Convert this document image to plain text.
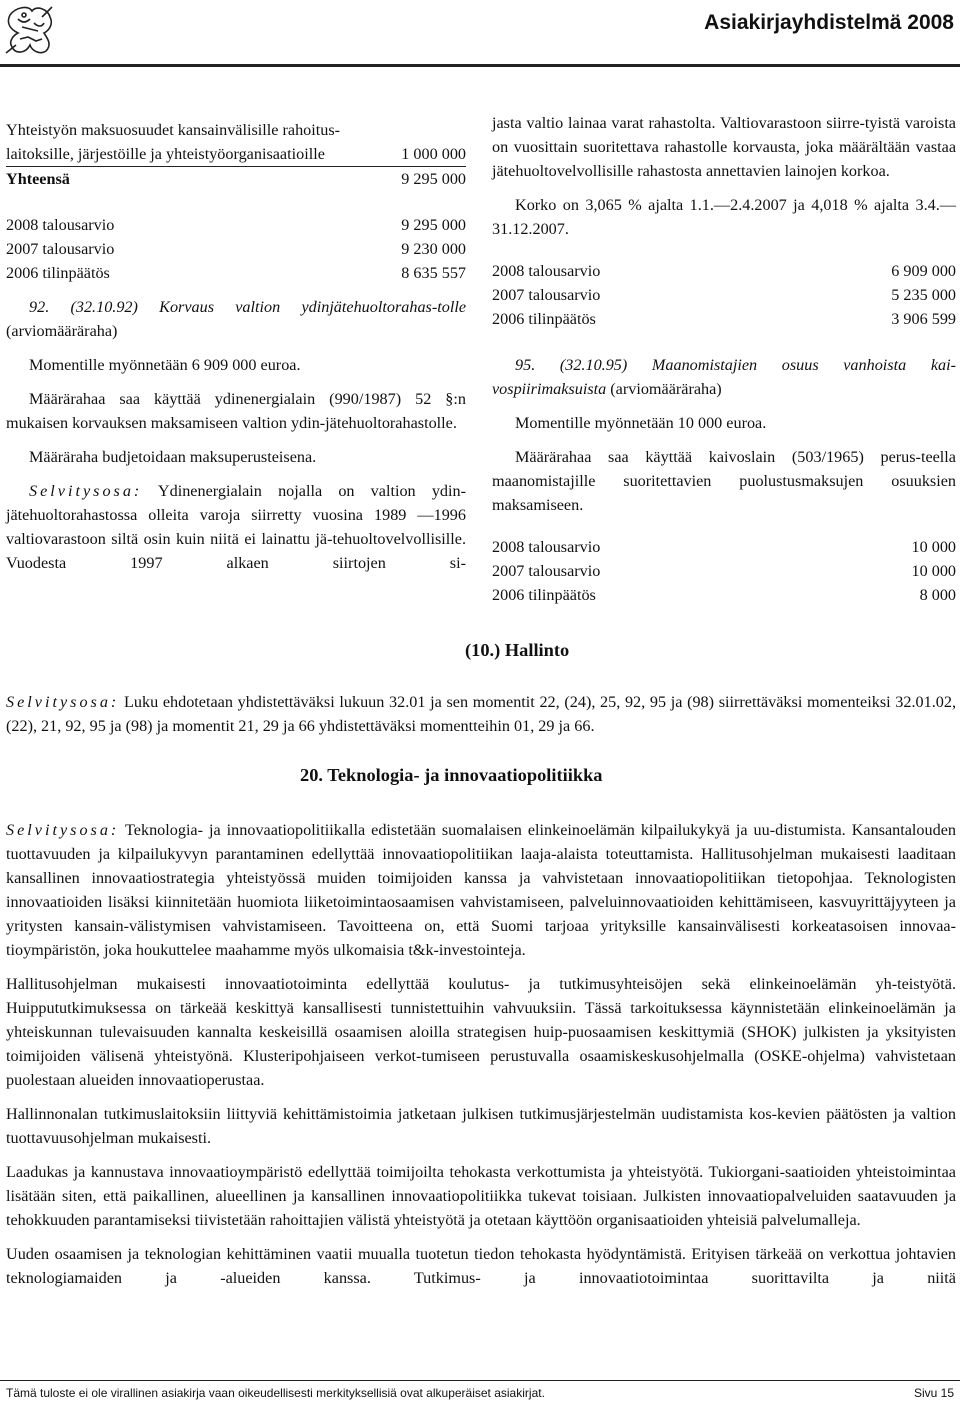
Asiakirjayhdistelmä 2008
Yhteistyön maksuosuudet kansainvälisille rahoitus-
laitoksille, järjestöille ja yhteistyöorganisaatioille	1 000 000
Yhteensä	9 295 000
2008 talousarvio	9 295 000
2007 talousarvio	9 230 000
2006 tilinpäätös	8 635 557
92. (32.10.92) Korvaus valtion ydinjätehuoltorahas-tolle (arviomääräraha)
Momentille myönnetään 6 909 000 euroa.
Määrärahaa saa käyttää ydinenergialain (990/1987) 52 §:n mukaisen korvauksen maksamiseen valtion ydin-jätehuoltorahastolle.
Määräraha budjetoidaan maksuperusteisena.
Selvitysosa: Ydinenergialain nojalla on valtion ydin-jätehuoltorahastossa olleita varoja siirretty vuosina 1989 —1996 valtiovarastoon siltä osin kuin niitä ei lainattu jä-tehuoltovelvollisille. Vuodesta 1997 alkaen siirtojen si-
jasta valtio lainaa varat rahastolta. Valtiovarastoon siirre-tyistä varoista on vuosittain suoritettava rahastolle korvausta, joka määrältään vastaa jätehuoltovelvollisille rahastosta annettavien lainojen korkoa.
Korko on 3,065 % ajalta 1.1.—2.4.2007 ja 4,018 % ajalta 3.4.—31.12.2007.
2008 talousarvio	6 909 000
2007 talousarvio	5 235 000
2006 tilinpäätös	3 906 599
95. (32.10.95) Maanomistajien osuus vanhoista kai-vospiirimaksuista (arviomääräraha)
Momentille myönnetään 10 000 euroa.
Määrärahaa saa käyttää kaivoslain (503/1965) perus-teella maanomistajille suoritettavien puolustusmaksujen osuuksien maksamiseen.
2008 talousarvio	10 000
2007 talousarvio	10 000
2006 tilinpäätös	8 000
(10.) Hallinto
Selvitysosa: Luku ehdotetaan yhdistettäväksi lukuun 32.01 ja sen momentit 22, (24), 25, 92, 95 ja (98) siirrettäväksi momenteiksi 32.01.02, (22), 21, 92, 95 ja (98) ja momentit 21, 29 ja 66 yhdistettäväksi momentteihin 01, 29 ja 66.
20. Teknologia- ja innovaatiopolitiikka
Selvitysosa: Teknologia- ja innovaatiopolitiikalla edistetään suomalaisen elinkeinoelämän kilpailukykyä ja uu-distumista. Kansantalouden tuottavuuden ja kilpailukyvyn parantaminen edellyttää innovaatiopolitiikan laaja-alaista toteuttamista. Hallitusohjelman mukaisesti laaditaan kansallinen innovaatiostrategia yhteistyössä muiden toimijoiden kanssa ja vahvistetaan innovaatiopolitiikan tietopohjaa. Teknologisten innovaatioiden lisäksi kiinnitetään huomiota liiketoimintaosaamisen vahvistamiseen, palveluinnovaatioiden kehittämiseen, kasvuyrittäjyyteen ja yritysten kansain-välistymisen vahvistamiseen. Tavoitteena on, että Suomi tarjoaa yrityksille kansainvälisesti korkeatasoisen innovaa-tioympäristön, joka houkuttelee maahamme myös ulkomaisia t&k-investointeja.
Hallitusohjelman mukaisesti innovaatiotoiminta edellyttää koulutus- ja tutkimusyhteisöjen sekä elinkeinoelämän yh-teistyötä. Huippututkimuksessa on tärkeää keskittyä kansallisesti tunnistettuihin vahvuuksiin. Tässä tarkoituksessa käynnistetään elinkeinoelämän ja yhteiskunnan tulevaisuuden kannalta keskeisillä osaamisen aloilla strategisen huip-puosaamisen keskittymiä (SHOK) julkisten ja yksityisten toimijoiden välisenä yhteistyönä. Klusteripohjaiseen verkot-tumiseen perustuvalla osaamiskeskusohjelmalla (OSKE-ohjelma) vahvistetaan puolestaan alueiden innovaatioperustaa.
Hallinnonalan tutkimuslaitoksiin liittyviä kehittämistoimia jatketaan julkisen tutkimusjärjestelmän uudistamista kos-kevien päätösten ja valtion tuottavuusohjelman mukaisesti.
Laadukas ja kannustava innovaatioympäristö edellyttää toimijoilta tehokasta verkottumista ja yhteistyötä. Tukiorgani-saatioiden yhteistoimintaa lisätään siten, että paikallinen, alueellinen ja kansallinen innovaatiopolitiikka tukevat toisiaan. Julkisten innovaatiopalveluiden saatavuuden ja tehokkuuden parantamiseksi tiivistetään rahoittajien välistä yhteistyötä ja otetaan käyttöön organisaatioiden yhteisiä palvelumalleja.
Uuden osaamisen ja teknologian kehittäminen vaatii muualla tuotetun tiedon tehokasta hyödyntämistä. Erityisen tärkeää on verkottua johtavien teknologiamaiden ja -alueiden kanssa. Tutkimus- ja innovaatiotoimintaa suorittavilta ja niitä
Tämä tuloste ei ole virallinen asiakirja vaan oikeudellisesti merkityksellisiä ovat alkuperäiset asiakirjat.	Sivu 15
